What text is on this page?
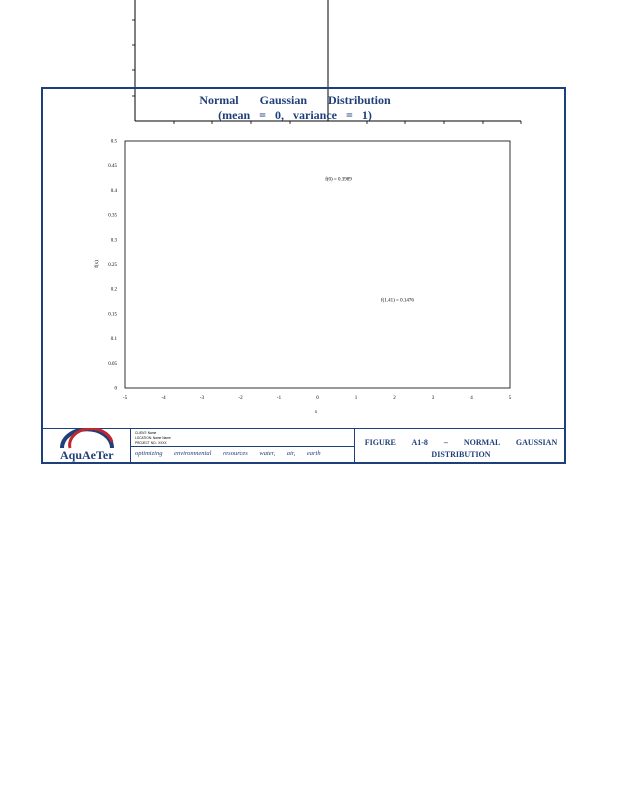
Normal Gaussian Distribution
(mean = 0, variance = 1)
0
0.05
0.1
0.15
0.2
0.25
0.3
0.35
0.4
0.45
0.5
-5	-4	-3	-2	-1	0	1	2	3	4	5
f(0) = 0.3989
f(1.41) = 0.1476
x
f(x)
AquAeTer
CLIENT: Name
LOCATION: Name Name
PROJECT NO.: XXXX
optimizing environmental resources water, air, earth
FIGURE A1-8 – NORMAL GAUSSIAN
DISTRIBUTION
